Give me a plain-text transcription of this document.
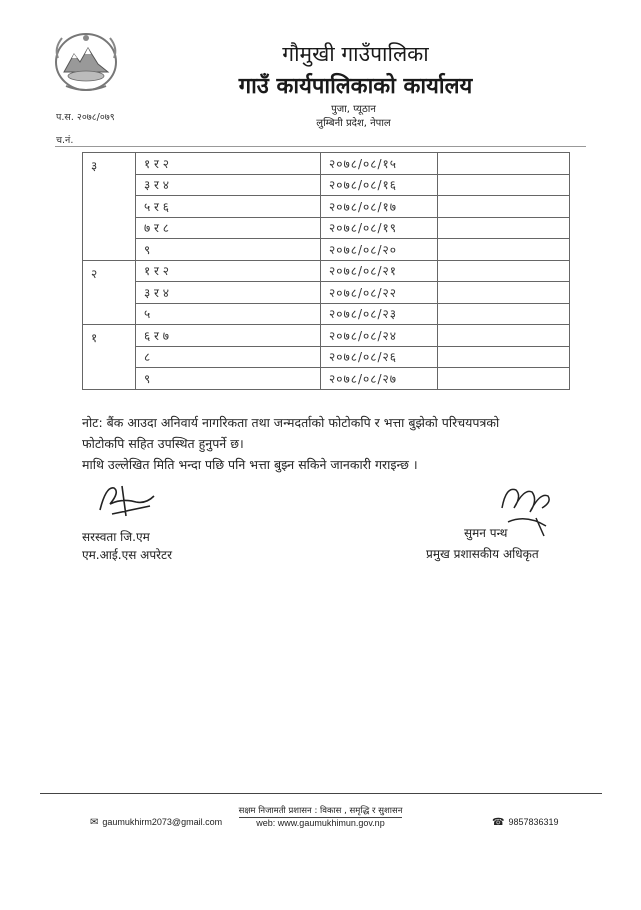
गौमुखी गाउँपालिका
गाउँ कार्यपालिकाको कार्यालय
पुजा, प्यूठान
लुम्बिनी प्रदेश, नेपाल
प.स. २०७८/०७९
च.नं.
३	१ र २	२०७८/०८/१५	
	३ र ४	२०७८/०८/१६	
	५ र ६	२०७८/०८/१७	
	७ र ८	२०७८/०८/१९	
	९	२०७८/०८/२०	
२	१ र २	२०७८/०८/२१	
	३ र ४	२०७८/०८/२२	
	५	२०७८/०८/२३	
१	६ र ७	२०७८/०८/२४	
	८	२०७८/०८/२६	
	९	२०७८/०८/२७	
नोट: बैंक आउदा अनिवार्य नागरिकता तथा जन्मदर्ताको फोटोकपि र भत्ता बुझेको परिचयपत्रको
फोटोकपि सहित उपस्थित हुनुपर्ने छ।
माथि उल्लेखित मिति भन्दा पछि पनि भत्ता बुझ्न सकिने जानकारी गराइन्छ ।
सरस्वता जि.एम
एम.आई.एस अपरेटर
सुमन पन्थ
प्रमुख प्रशासकीय अधिकृत
सक्षम निजामती प्रशासन : विकास , समृद्धि र सुशासन
✉ gaumukhirm2073@gmail.com	web: www.gaumukhimun.gov.np	☎ 9857836319
